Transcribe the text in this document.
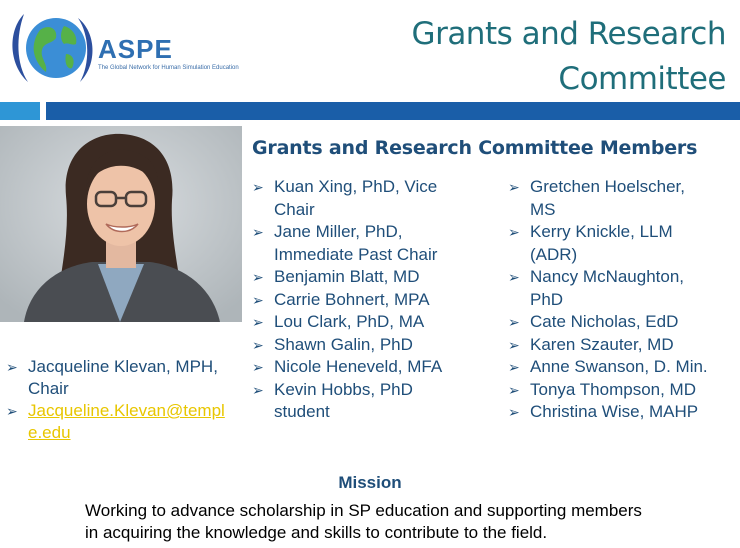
ASPE
The Global Network for Human Simulation Education
Grants and Research
Committee
➢ Jacqueline Klevan, MPH, Chair
➢ Jacqueline.Klevan@templ
e.edu
Grants and Research Committee Members
➢ Kuan Xing, PhD, Vice
Chair
➢ Jane Miller, PhD,
Immediate Past Chair
➢ Benjamin Blatt, MD
➢ Carrie Bohnert, MPA
➢ Lou Clark, PhD, MA
➢ Shawn Galin, PhD
➢ Nicole Heneveld, MFA
➢ Kevin Hobbs, PhD
student
➢ Gretchen Hoelscher,
MS
➢ Kerry Knickle, LLM
(ADR)
➢ Nancy McNaughton,
PhD
➢ Cate Nicholas, EdD
➢ Karen Szauter, MD
➢ Anne Swanson, D. Min.
➢ Tonya Thompson, MD
➢ Christina Wise, MAHP
Mission
Working to advance scholarship in SP education and supporting members
in acquiring the knowledge and skills to contribute to the field.
